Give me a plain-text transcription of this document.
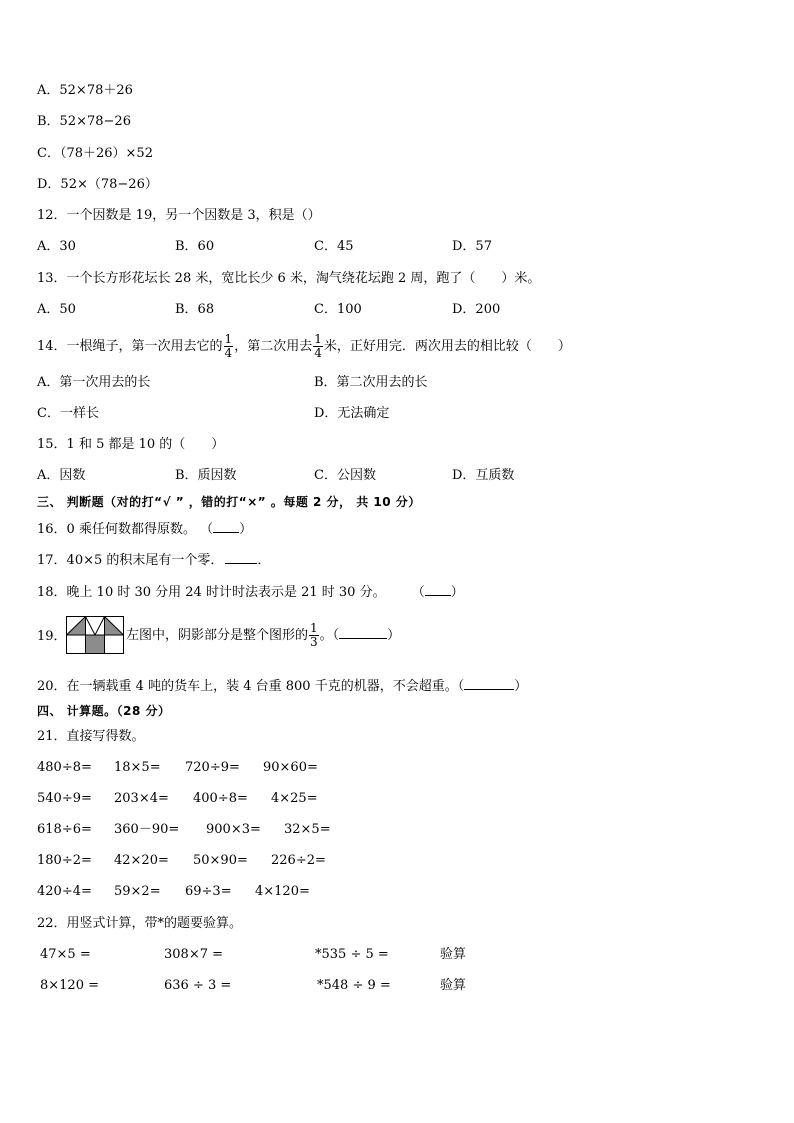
A．52×78＋26
B．52×78−26
C．（78＋26）×52
D．52×（78−26）
12．一个因数是 19，另一个因数是 3，积是（）
A．30	B．60	C．45	D．57
13．一个长方形花坛长 28 米，宽比长少 6 米，淘气绕花坛跑 2 周，跑了（　　）米。
A．50	B．68	C．100	D．200
14．一根绳子，第一次用去它的 $\frac{1}{4}$ ，第二次用去 $\frac{1}{4}$ 米，正好用完．两次用去的相比较（　　）
A．第一次用去的长	B．第二次用去的长
C．一样长	D．无法确定
15．1 和 5 都是 10 的（　　）
A．因数	B．质因数	C．公因数	D．互质数
三、 判断题（对的打“√ ” ，错的打“×” 。每题 2 分， 共 10 分）
16．0 乘任何数都得原数。 （ ）
17．40×5 的积末尾有一个零．	．
18．晚上 10 时 30 分用 24 时计时法表示是 21 时 30 分。 （ ）
19．	左图中，阴影部分是整个图形的 $\frac{1}{3}$ 。（	）
20．在一辆载重 4 吨的货车上，装 4 台重 800 千克的机器，不会超重。（	）
四、 计算题。（28 分）
21．直接写得数。
480÷8= 18×5= 720÷9= 90×60=
540÷9= 203×4= 400÷8= 4×25=
618÷6= 360－90= 900×3= 32×5=
180÷2= 42×20= 50×90= 226÷2=
420÷4= 59×2= 69÷3= 4×120=
22．用竖式计算，带*的题要验算。
47×5 =	308×7 =	*535 ÷ 5 =	验算
8×120 =	636 ÷ 3 =	*548 ÷ 9 =	验算
